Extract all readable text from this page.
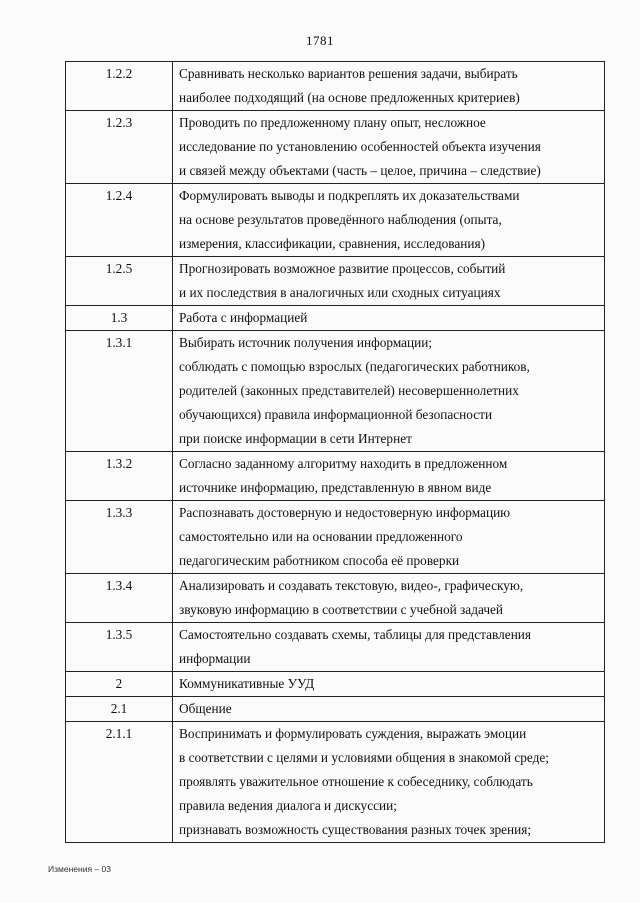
1781
1.2.2	Сравнивать несколько вариантов решения задачи, выбирать
наиболее подходящий (на основе предложенных критериев)

1.2.3	Проводить по предложенному плану опыт, несложное
исследование по установлению особенностей объекта изучения
и связей между объектами (часть – целое, причина – следствие)

1.2.4	Формулировать выводы и подкреплять их доказательствами
на основе результатов проведённого наблюдения (опыта,
измерения, классификации, сравнения, исследования)

1.2.5	Прогнозировать возможное развитие процессов, событий
и их последствия в аналогичных или сходных ситуациях

1.3	Работа с информацией

1.3.1	Выбирать источник получения информации;
соблюдать с помощью взрослых (педагогических работников,
родителей (законных представителей) несовершеннолетних
обучающихся) правила информационной безопасности
при поиске информации в сети Интернет

1.3.2	Согласно заданному алгоритму находить в предложенном
источнике информацию, представленную в явном виде

1.3.3	Распознавать достоверную и недостоверную информацию
самостоятельно или на основании предложенного
педагогическим работником способа её проверки

1.3.4	Анализировать и создавать текстовую, видео-, графическую,
звуковую информацию в соответствии с учебной задачей

1.3.5	Самостоятельно создавать схемы, таблицы для представления
информации

2	Коммуникативные УУД

2.1	Общение

2.1.1	Воспринимать и формулировать суждения, выражать эмоции
в соответствии с целями и условиями общения в знакомой среде;
проявлять уважительное отношение к собеседнику, соблюдать
правила ведения диалога и дискуссии;
признавать возможность существования разных точек зрения;
Изменения – 03
